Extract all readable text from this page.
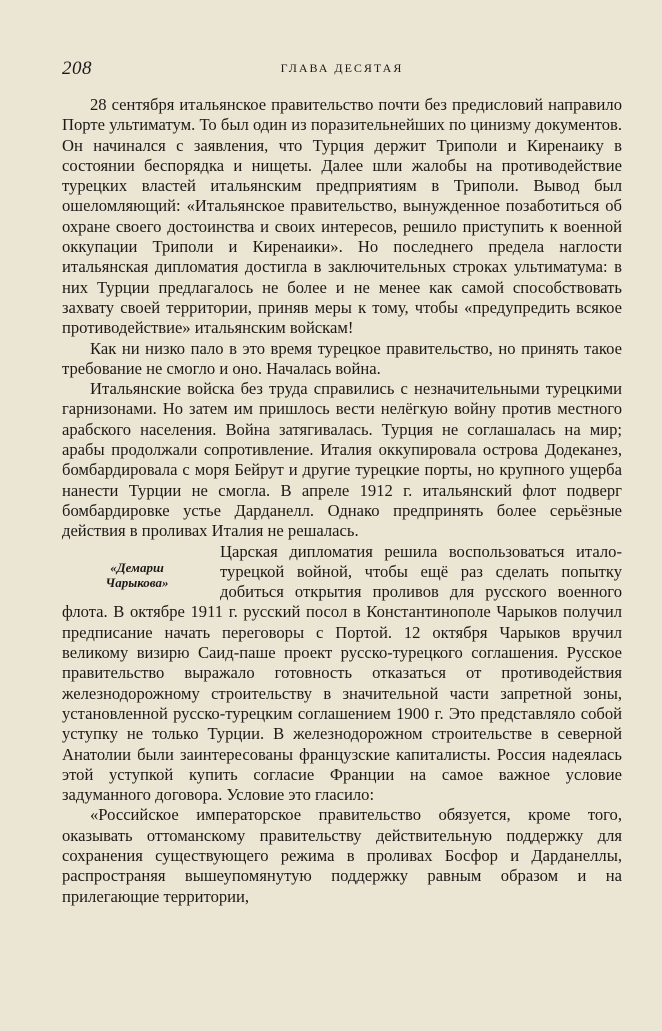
208	ГЛАВА ДЕСЯТАЯ

28 сентября итальянское правительство почти без предисловий направило Порте ультиматум. То был один из поразительнейших по цинизму документов. Он начинался с заявления, что Турция держит Триполи и Киренаику в состоянии беспорядка и нищеты. Далее шли жалобы на противодействие турецких властей итальянским предприятиям в Триполи. Вывод был ошеломляющий: «Итальянское правительство, вынужденное позаботиться об охране своего достоинства и своих интересов, решило приступить к военной оккупации Триполи и Киренаики». Но последнего предела наглости итальянская дипломатия достигла в заключительных строках ультиматума: в них Турции предлагалось не более и не менее как самой способствовать захвату своей территории, приняв меры к тому, чтобы «предупредить всякое противодействие» итальянским войскам!

Как ни низко пало в это время турецкое правительство, но принять такое требование не смогло и оно. Началась война.

Итальянские войска без труда справились с незначительными турецкими гарнизонами. Но затем им пришлось вести нелёгкую войну против местного арабского населения. Война затягивалась. Турция не соглашалась на мир; арабы продолжали сопротивление. Италия оккупировала острова Додеканез, бомбардировала с моря Бейрут и другие турецкие порты, но крупного ущерба нанести Турции не смогла. В апреле 1912 г. итальянский флот подверг бомбардировке устье Дарданелл. Однако предпринять более серьёзные действия в проливах Италия не решалась.

«Демарш
Чарыкова»

Царская дипломатия решила воспользоваться итало-турецкой войной, чтобы ещё раз сделать попытку добиться открытия проливов для русского военного флота. В октябре 1911 г. русский посол в Константинополе Чарыков получил предписание начать переговоры с Портой. 12 октября Чарыков вручил великому визирю Саид-паше проект русско-турецкого соглашения. Русское правительство выражало готовность отказаться от противодействия железнодорожному строительству в значительной части запретной зоны, установленной русско-турецким соглашением 1900 г. Это представляло собой уступку не только Турции. В железнодорожном строительстве в северной Анатолии были заинтересованы французские капиталисты. Россия надеялась этой уступкой купить согласие Франции на самое важное условие задуманного договора. Условие это гласило:

«Российское императорское правительство обязуется, кроме того, оказывать оттоманскому правительству действительную поддержку для сохранения существующего режима в проливах Босфор и Дарданеллы, распространяя вышеупомянутую поддержку равным образом и на прилегающие территории,
